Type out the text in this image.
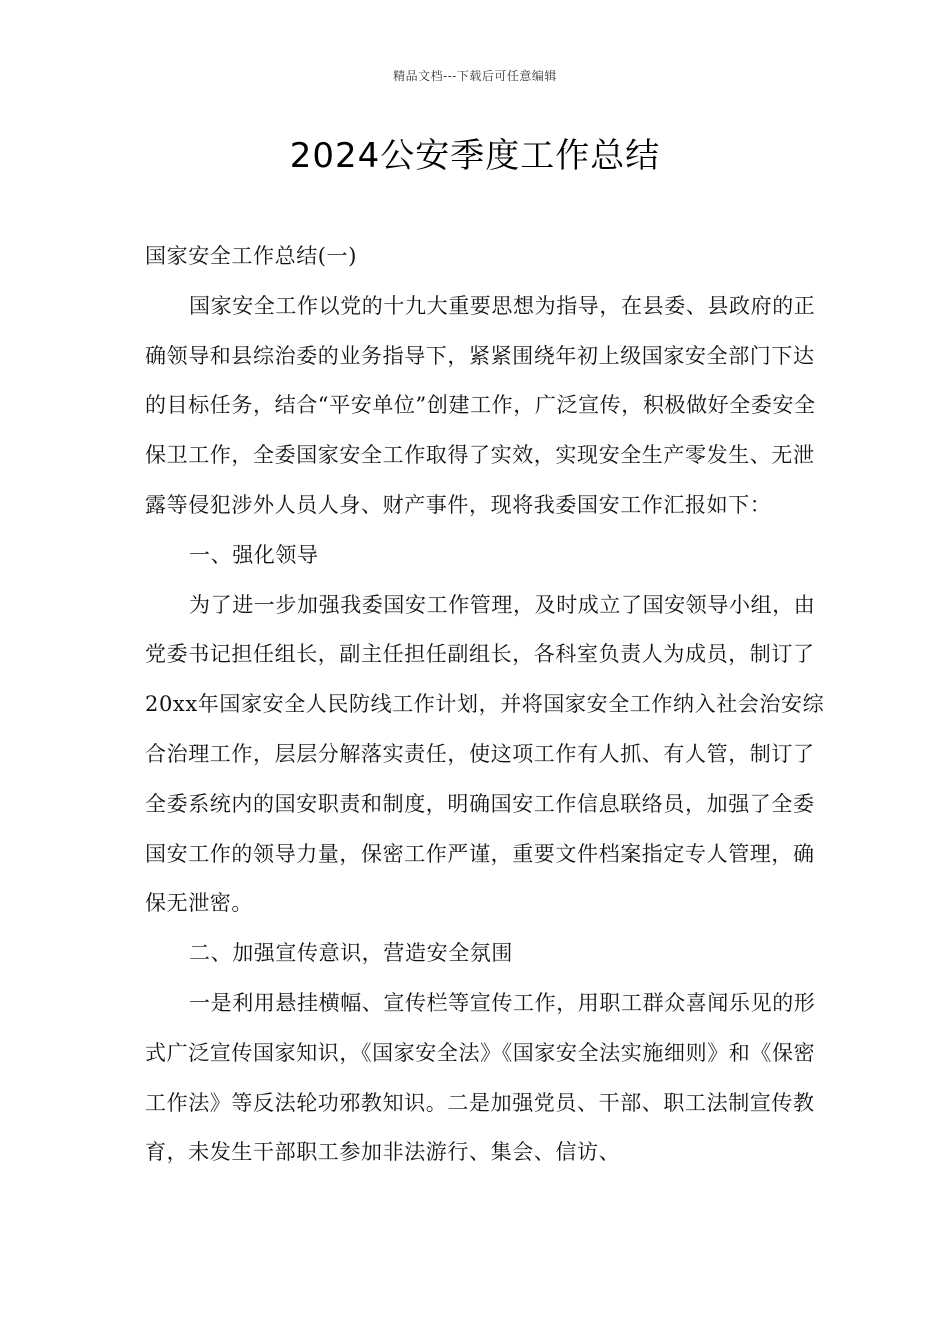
精品文档---下载后可任意编辑
2024公安季度工作总结

国家安全工作总结(一)

国家安全工作以党的十九大重要思想为指导，在县委、县政府的正确领导和县综治委的业务指导下，紧紧围绕年初上级国家安全部门下达的目标任务，结合“平安单位”创建工作，广泛宣传，积极做好全委安全保卫工作，全委国家安全工作取得了实效，实现安全生产零发生、无泄露等侵犯涉外人员人身、财产事件，现将我委国安工作汇报如下：

一、强化领导

为了进一步加强我委国安工作管理，及时成立了国安领导小组，由党委书记担任组长，副主任担任副组长，各科室负责人为成员，制订了20xx年国家安全人民防线工作计划，并将国家安全工作纳入社会治安综合治理工作，层层分解落实责任，使这项工作有人抓、有人管，制订了全委系统内的国安职责和制度，明确国安工作信息联络员，加强了全委国安工作的领导力量，保密工作严谨，重要文件档案指定专人管理，确保无泄密。

二、加强宣传意识，营造安全氛围

一是利用悬挂横幅、宣传栏等宣传工作，用职工群众喜闻乐见的形式广泛宣传国家知识，《国家安全法》《国家安全法实施细则》和《保密工作法》等反法轮功邪教知识。二是加强党员、干部、职工法制宣传教育，未发生干部职工参加非法游行、集会、信访、
